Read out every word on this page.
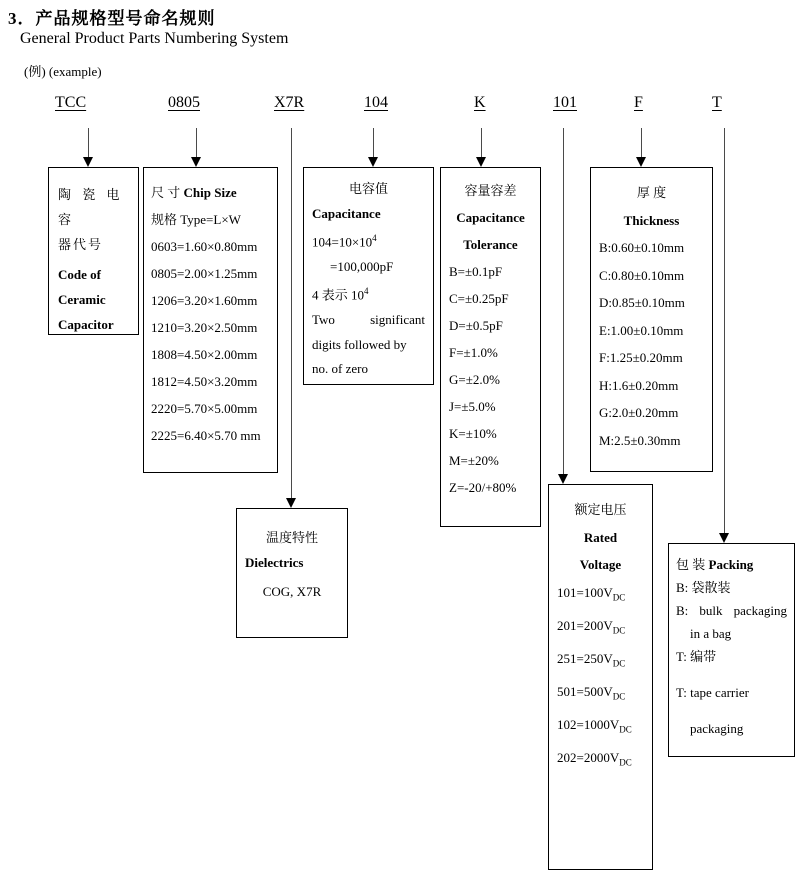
3．产品规格型号命名规则
General Product Parts Numbering System
(例) (example)
TCC	0805	X7R	104	K	101	F	T
陶 瓷 电 容
器代号
Code of
Ceramic
Capacitor
尺 寸 Chip Size
规格 Type=L×W
0603=1.60×0.80mm
0805=2.00×1.25mm
1206=3.20×1.60mm
1210=3.20×2.50mm
1808=4.50×2.00mm
1812=4.50×3.20mm
2220=5.70×5.00mm
2225=6.40×5.70 mm
温度特性
Dielectrics
COG, X7R
电容值
Capacitance
$104=10\times 10^4$
=100,000pF
4 表示 $10^4$
Two significant
digits followed by
no. of zero
容量容差
Capacitance
Tolerance
B=±0.1pF
C=±0.25pF
D=±0.5pF
F=±1.0%
G=±2.0%
J=±5.0%
K=±10%
M=±20%
Z=-20/+80%
额定电压
Rated
Voltage
$101=100V_{DC}$
$201=200V_{DC}$
$251=250V_{DC}$
$501=500V_{DC}$
$102=1000V_{DC}$
$202=2000V_{DC}$
厚 度
Thickness
B:0.60±0.10mm
C:0.80±0.10mm
D:0.85±0.10mm
E:1.00±0.10mm
F:1.25±0.20mm
H:1.6±0.20mm
G:2.0±0.20mm
M:2.5±0.30mm
包 装 Packing
B: 袋散装
B: bulk packaging
in a bag
T: 编带
T: tape carrier
packaging
